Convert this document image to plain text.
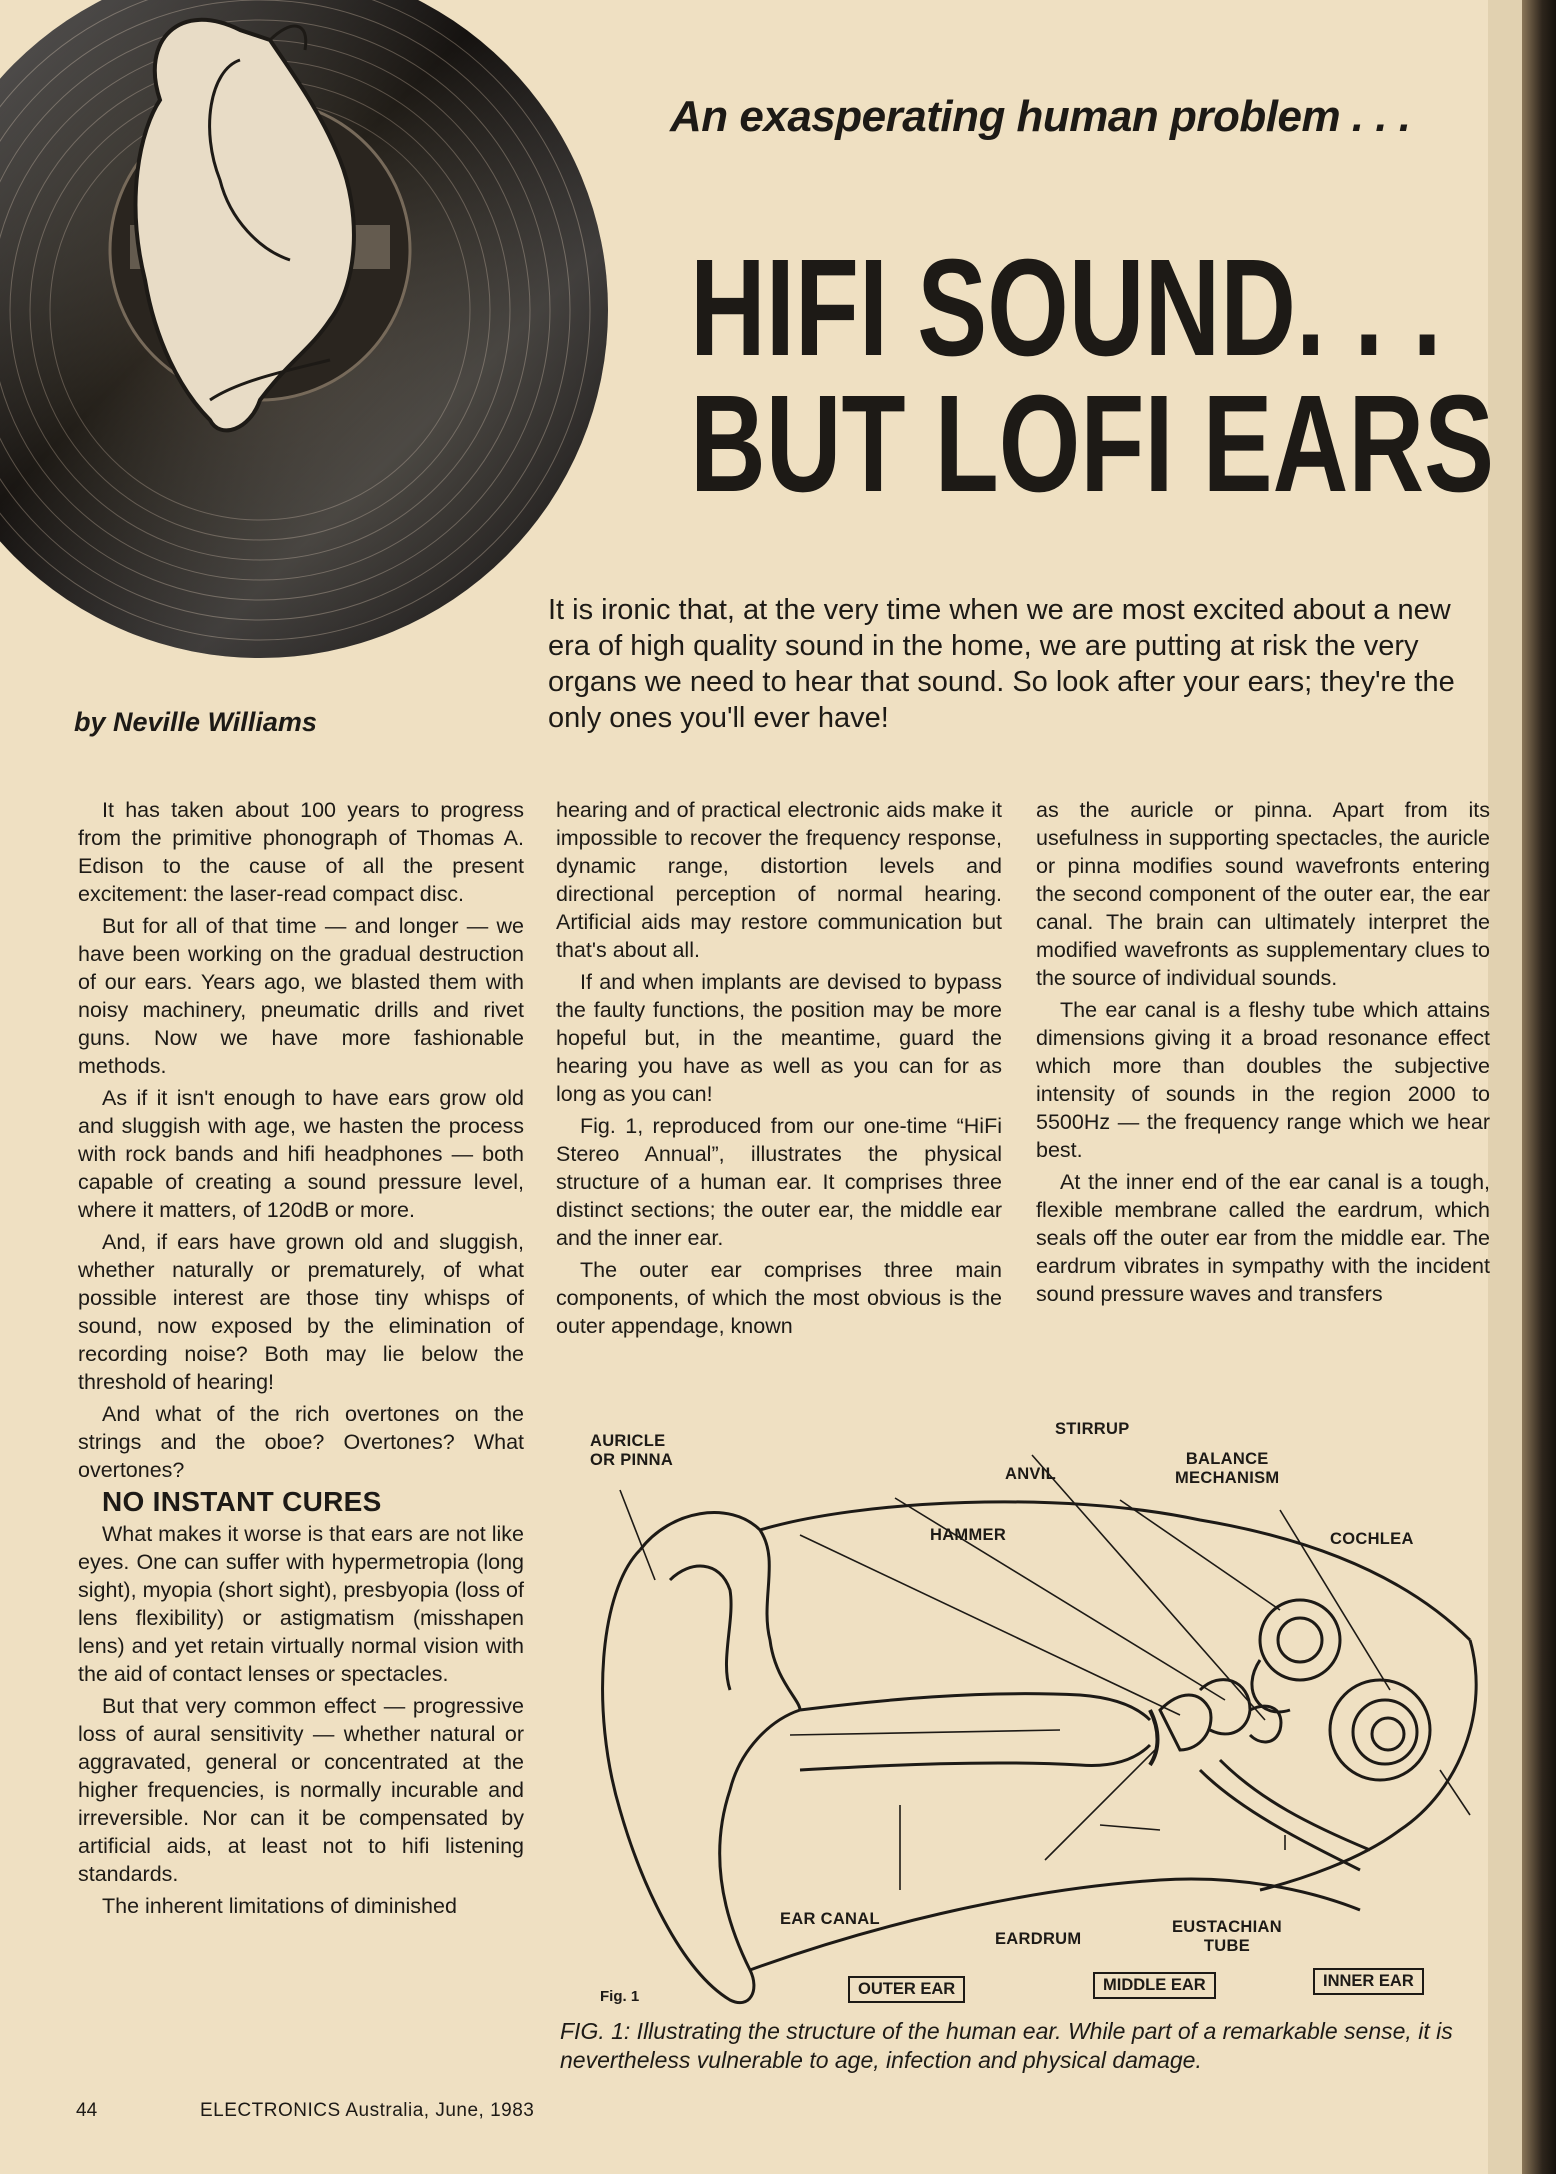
An exasperating human problem . . .
HIFI SOUND. . .
BUT LOFI EARS

It is ironic that, at the very time when we are most excited about a new era of high quality sound in the home, we are putting at risk the very organs we need to hear that sound. So look after your ears; they're the only ones you'll ever have!

by Neville Williams

It has taken about 100 years to progress from the primitive phonograph of Thomas A. Edison to the cause of all the present excitement: the laser-read compact disc.

But for all of that time — and longer — we have been working on the gradual destruction of our ears. Years ago, we blasted them with noisy machinery, pneumatic drills and rivet guns. Now we have more fashionable methods.

As if it isn't enough to have ears grow old and sluggish with age, we hasten the process with rock bands and hifi headphones — both capable of creating a sound pressure level, where it matters, of 120dB or more.

And, if ears have grown old and sluggish, whether naturally or prematurely, of what possible interest are those tiny whisps of sound, now exposed by the elimination of recording noise? Both may lie below the threshold of hearing!

And what of the rich overtones on the strings and the oboe? Overtones? What overtones?

NO INSTANT CURES

What makes it worse is that ears are not like eyes. One can suffer with hypermetropia (long sight), myopia (short sight), presbyopia (loss of lens flexibility) or astigmatism (misshapen lens) and yet retain virtually normal vision with the aid of contact lenses or spectacles.

But that very common effect — progressive loss of aural sensitivity — whether natural or aggravated, general or concentrated at the higher frequencies, is normally incurable and irreversible. Nor can it be compensated by artificial aids, at least not to hifi listening standards.

The inherent limitations of diminished

hearing and of practical electronic aids make it impossible to recover the frequency response, dynamic range, distortion levels and directional perception of normal hearing. Artificial aids may restore communication but that's about all.

If and when implants are devised to bypass the faulty functions, the position may be more hopeful but, in the meantime, guard the hearing you have as well as you can for as long as you can!

Fig. 1, reproduced from our one-time “HiFi Stereo Annual”, illustrates the physical structure of a human ear. It comprises three distinct sections; the outer ear, the middle ear and the inner ear.

The outer ear comprises three main components, of which the most obvious is the outer appendage, known

as the auricle or pinna. Apart from its usefulness in supporting spectacles, the auricle or pinna modifies sound wavefronts entering the second component of the outer ear, the ear canal. The brain can ultimately interpret the modified wavefronts as supplementary clues to the source of individual sounds.

The ear canal is a fleshy tube which attains dimensions giving it a broad resonance effect which more than doubles the subjective intensity of sounds in the region 2000 to 5500Hz — the frequency range which we hear best.

At the inner end of the ear canal is a tough, flexible membrane called the eardrum, which seals off the outer ear from the middle ear. The eardrum vibrates in sympathy with the incident sound pressure waves and transfers

AURICLE
OR PINNA
STIRRUP
ANVIL
BALANCE
MECHANISM
HAMMER	COCHLEA
EAR CANAL
EARDRUM
EUSTACHIAN
TUBE
OUTER EAR	MIDDLE EAR	INNER EAR
Fig. 1
FIG. 1: Illustrating the structure of the human ear. While part of a remarkable sense, it is nevertheless vulnerable to age, infection and physical damage.
44	ELECTRONICS Australia, June, 1983
